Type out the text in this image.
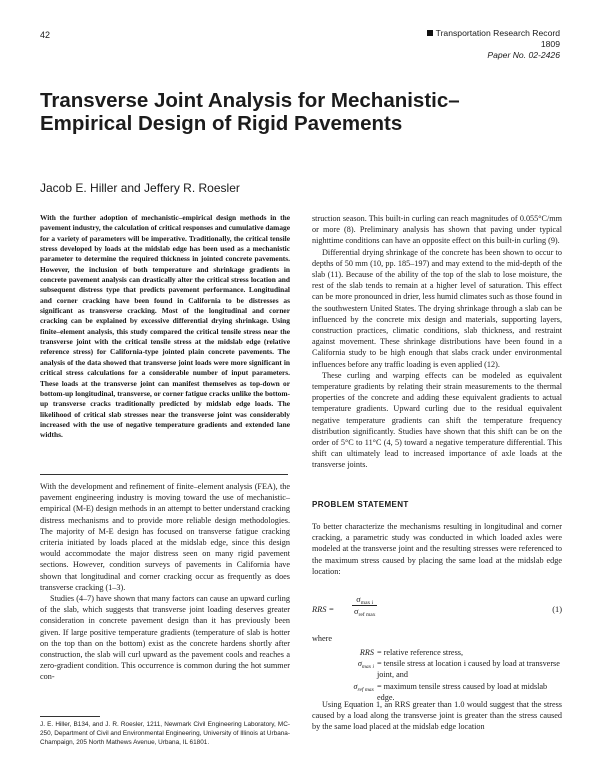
42	Transportation Research Record 1809
Paper No. 02-2426
Transverse Joint Analysis for Mechanistic–Empirical Design of Rigid Pavements
Jacob E. Hiller and Jeffery R. Roesler

With the further adoption of mechanistic–empirical design methods in the pavement industry, the calculation of critical responses and cumulative damage for a variety of parameters will be imperative. Traditionally, the critical tensile stress developed by loads at the midslab edge has been used as a mechanistic parameter to determine the required thickness in jointed concrete pavements. However, the inclusion of both temperature and shrinkage gradients in concrete pavement analysis can drastically alter the critical stress location and subsequent distress type that predicts pavement performance. Longitudinal and corner cracking have been found in California to be distresses as significant as transverse cracking. Most of the longitudinal and corner cracking can be explained by excessive differential drying shrinkage. Using finite–element analysis, this study compared the critical tensile stress near the transverse joint with the critical tensile stress at the midslab edge (relative reference stress) for California-type jointed plain concrete pavements. The analysis of the data showed that transverse joint loads were more significant in critical stress calculations for a considerable number of input parameters. These loads at the transverse joint can manifest themselves as top-down or bottom-up longitudinal, transverse, or corner fatigue cracks unlike the bottom-up transverse cracks traditionally predicted by midslab edge loads. The likelihood of critical slab stresses near the transverse joint was considerably increased with the use of negative temperature gradients and extended lane widths.

With the development and refinement of finite–element analysis (FEA), the pavement engineering industry is moving toward the use of mechanistic–empirical (M-E) design methods in an attempt to better understand cracking distress mechanisms and to provide more reliable design methodologies. The majority of M-E design has focused on transverse fatigue cracking criteria initiated by loads placed at the midslab edge, since this design would accommodate the major distress seen on many rigid pavement sections. However, condition surveys of pavements in California have shown that longitudinal and corner cracking occur as frequently as does transverse cracking (1–3).

Studies (4–7) have shown that many factors can cause an upward curling of the slab, which suggests that transverse joint loading deserves greater consideration in concrete pavement design than it has previously been given. If large positive temperature gradients (temperature of slab is hotter on the top than on the bottom) exist as the concrete hardens shortly after construction, the slab will curl upward as the pavement cools and reaches a zero-gradient condition. This occurrence is common during the hot summer con-

J. E. Hiller, B134, and J. R. Roesler, 1211, Newmark Civil Engineering Laboratory, MC-250, Department of Civil and Environmental Engineering, University of Illinois at Urbana-Champaign, 205 North Mathews Avenue, Urbana, IL 61801.

struction season. This built-in curling can reach magnitudes of 0.055°C/mm or more (8). Preliminary analysis has shown that paving under typical nighttime conditions can have an opposite effect on this built-in curling (9).

Differential drying shrinkage of the concrete has been shown to occur to depths of 50 mm (10, pp. 185–197) and may extend to the mid-depth of the slab (11). Because of the ability of the top of the slab to lose moisture, the rest of the slab tends to remain at a higher level of saturation. This effect can be more pronounced in drier, less humid climates such as those found in the southwestern United States. The drying shrinkage through a slab can be influenced by the concrete mix design and materials, supporting layers, construction practices, climatic conditions, slab thickness, and restraint against movement. These shrinkage distributions have been found in a California study to be high enough that slabs crack under environmental influences before any traffic loading is even applied (12).

These curling and warping effects can be modeled as equivalent temperature gradients by relating their strain measurements to the thermal properties of the concrete and adding these equivalent gradients to actual temperature gradients. Upward curling due to the residual equivalent negative temperature gradients can shift the temperature frequency distribution significantly. Studies have shown that this shift can be on the order of 5°C to 11°C (4, 5) toward a negative temperature differential. This shift can ultimately lead to increased importance of axle loads at the transverse joints.

PROBLEM STATEMENT

To better characterize the mechanisms resulting in longitudinal and corner cracking, a parametric study was conducted in which loaded axles were modeled at the transverse joint and the resulting stresses were referenced to the maximum stress caused by placing the same load at the midslab edge location:

RRS =
$\sigma_{max i}$
$\sigma_{ref max}$
(1)
where
RRS = relative reference stress,
$\sigma_{max i}$ = tensile stress at location i caused by load at transverse joint, and
$\sigma_{ref max}$ = maximum tensile stress caused by load at midslab edge.

Using Equation 1, an RRS greater than 1.0 would suggest that the stress caused by a load along the transverse joint is greater than the stress caused by the same load placed at the midslab edge location
